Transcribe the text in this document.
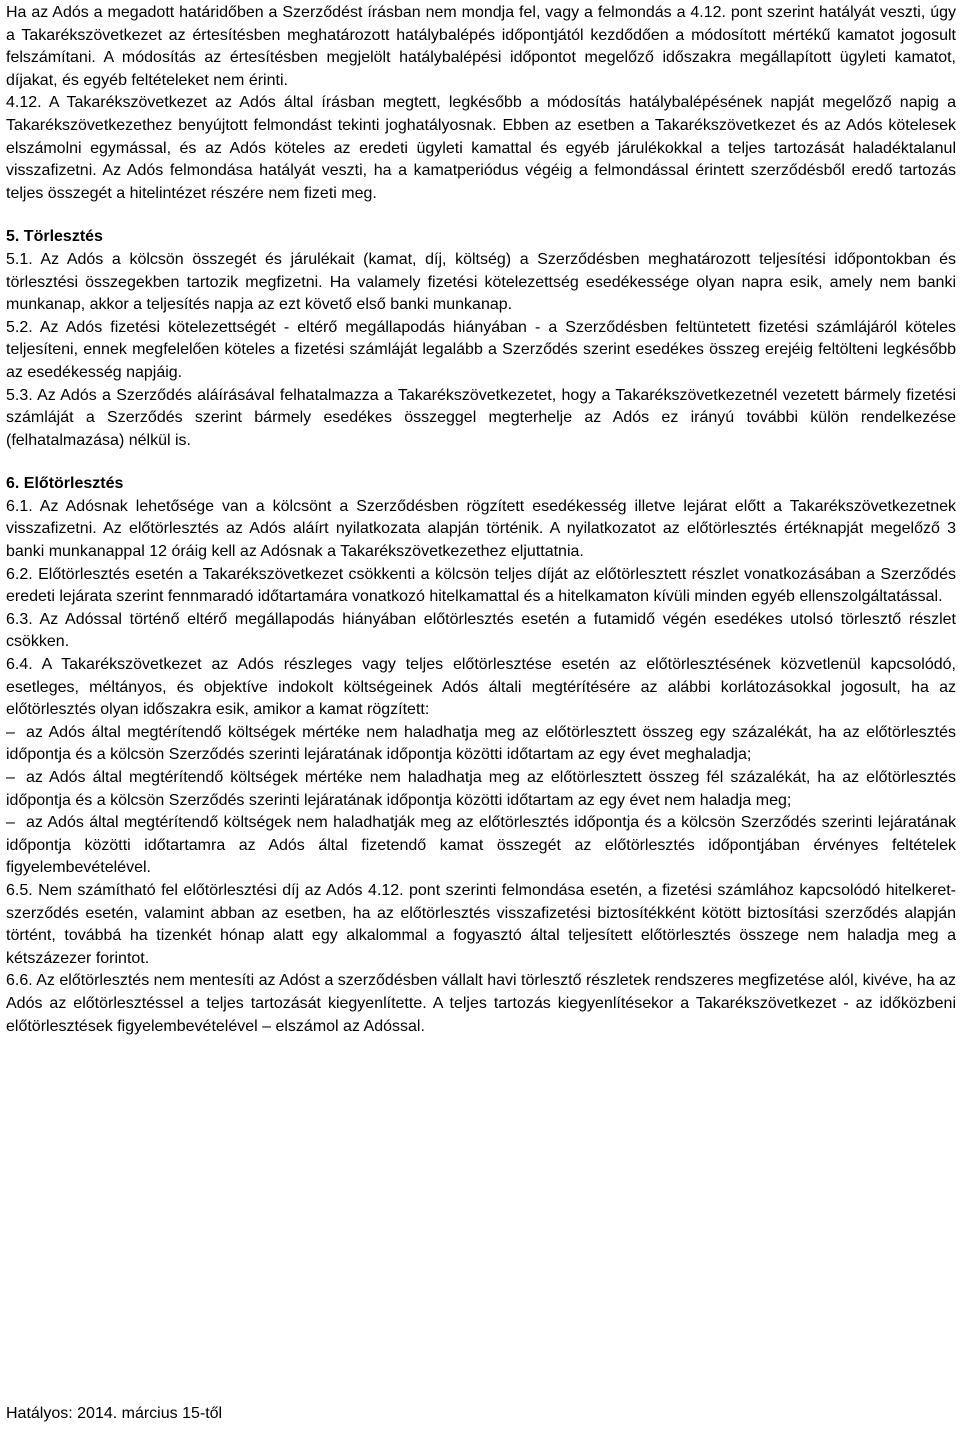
Ha az Adós a megadott határidőben a Szerződést írásban nem mondja fel, vagy a felmondás a 4.12. pont szerint hatályát veszti, úgy a Takarékszövetkezet az értesítésben meghatározott hatálybalépés időpontjától kezdődően a módosított mértékű kamatot jogosult felszámítani. A módosítás az értesítésben megjelölt hatálybalépési időpontot megelőző időszakra megállapított ügyleti kamatot, díjakat, és egyéb feltételeket nem érinti.

4.12. A Takarékszövetkezet az Adós által írásban megtett, legkésőbb a módosítás hatálybalépésének napját megelőző napig a Takarékszövetkezethez benyújtott felmondást tekinti joghatályosnak. Ebben az esetben a Takarékszövetkezet és az Adós kötelesek elszámolni egymással, és az Adós köteles az eredeti ügyleti kamattal és egyéb járulékokkal a teljes tartozását haladéktalanul visszafizetni. Az Adós felmondása hatályát veszti, ha a kamatperiódus végéig a felmondással érintett szerződésből eredő tartozás teljes összegét a hitelintézet részére nem fizeti meg.

5. Törlesztés

5.1. Az Adós a kölcsön összegét és járulékait (kamat, díj, költség) a Szerződésben meghatározott teljesítési időpontokban és törlesztési összegekben tartozik megfizetni. Ha valamely fizetési kötelezettség esedékessége olyan napra esik, amely nem banki munkanap, akkor a teljesítés napja az ezt követő első banki munkanap.

5.2. Az Adós fizetési kötelezettségét - eltérő megállapodás hiányában - a Szerződésben feltüntetett fizetési számlájáról köteles teljesíteni, ennek megfelelően köteles a fizetési számláját legalább a Szerződés szerint esedékes összeg erejéig feltölteni legkésőbb az esedékesség napjáig.

5.3. Az Adós a Szerződés aláírásával felhatalmazza a Takarékszövetkezetet, hogy a Takarékszövetkezetnél vezetett bármely fizetési számláját a Szerződés szerint bármely esedékes összeggel megterhelje az Adós ez irányú további külön rendelkezése (felhatalmazása) nélkül is.

6. Előtörlesztés

6.1. Az Adósnak lehetősége van a kölcsönt a Szerződésben rögzített esedékesség illetve lejárat előtt a Takarékszövetkezetnek visszafizetni. Az előtörlesztés az Adós aláírt nyilatkozata alapján történik. A nyilatkozatot az előtörlesztés értéknapját megelőző 3 banki munkanappal 12 óráig kell az Adósnak a Takarékszövetkezethez eljuttatnia.

6.2. Előtörlesztés esetén a Takarékszövetkezet csökkenti a kölcsön teljes díját az előtörlesztett részlet vonatkozásában a Szerződés eredeti lejárata szerint fennmaradó időtartamára vonatkozó hitelkamattal és a hitelkamaton kívüli minden egyéb ellenszolgáltatással.

6.3. Az Adóssal történő eltérő megállapodás hiányában előtörlesztés esetén a futamidő végén esedékes utolsó törlesztő részlet csökken.

6.4. A Takarékszövetkezet az Adós részleges vagy teljes előtörlesztése esetén az előtörlesztésének közvetlenül kapcsolódó, esetleges, méltányos, és objektíve indokolt költségeinek Adós általi megtérítésére az alábbi korlátozásokkal jogosult, ha az előtörlesztés olyan időszakra esik, amikor a kamat rögzített:

– az Adós által megtérítendő költségek mértéke nem haladhatja meg az előtörlesztett összeg egy százalékát, ha az előtörlesztés időpontja és a kölcsön Szerződés szerinti lejáratának időpontja közötti időtartam az egy évet meghaladja;

– az Adós által megtérítendő költségek mértéke nem haladhatja meg az előtörlesztett összeg fél százalékát, ha az előtörlesztés időpontja és a kölcsön Szerződés szerinti lejáratának időpontja közötti időtartam az egy évet nem haladja meg;

– az Adós által megtérítendő költségek nem haladhatják meg az előtörlesztés időpontja és a kölcsön Szerződés szerinti lejáratának időpontja közötti időtartamra az Adós által fizetendő kamat összegét az előtörlesztés időpontjában érvényes feltételek figyelembevételével.

6.5. Nem számítható fel előtörlesztési díj az Adós 4.12. pont szerinti felmondása esetén, a fizetési számlához kapcsolódó hitelkeret-szerződés esetén, valamint abban az esetben, ha az előtörlesztés visszafizetési biztosítékként kötött biztosítási szerződés alapján történt, továbbá ha tizenkét hónap alatt egy alkalommal a fogyasztó által teljesített előtörlesztés összege nem haladja meg a kétszázezer forintot.

6.6. Az előtörlesztés nem mentesíti az Adóst a szerződésben vállalt havi törlesztő részletek rendszeres megfizetése alól, kivéve, ha az Adós az előtörlesztéssel a teljes tartozását kiegyenlítette. A teljes tartozás kiegyenlítésekor a Takarékszövetkezet - az időközbeni előtörlesztések figyelembevételével – elszámol az Adóssal.

Hatályos: 2014. március 15-től
